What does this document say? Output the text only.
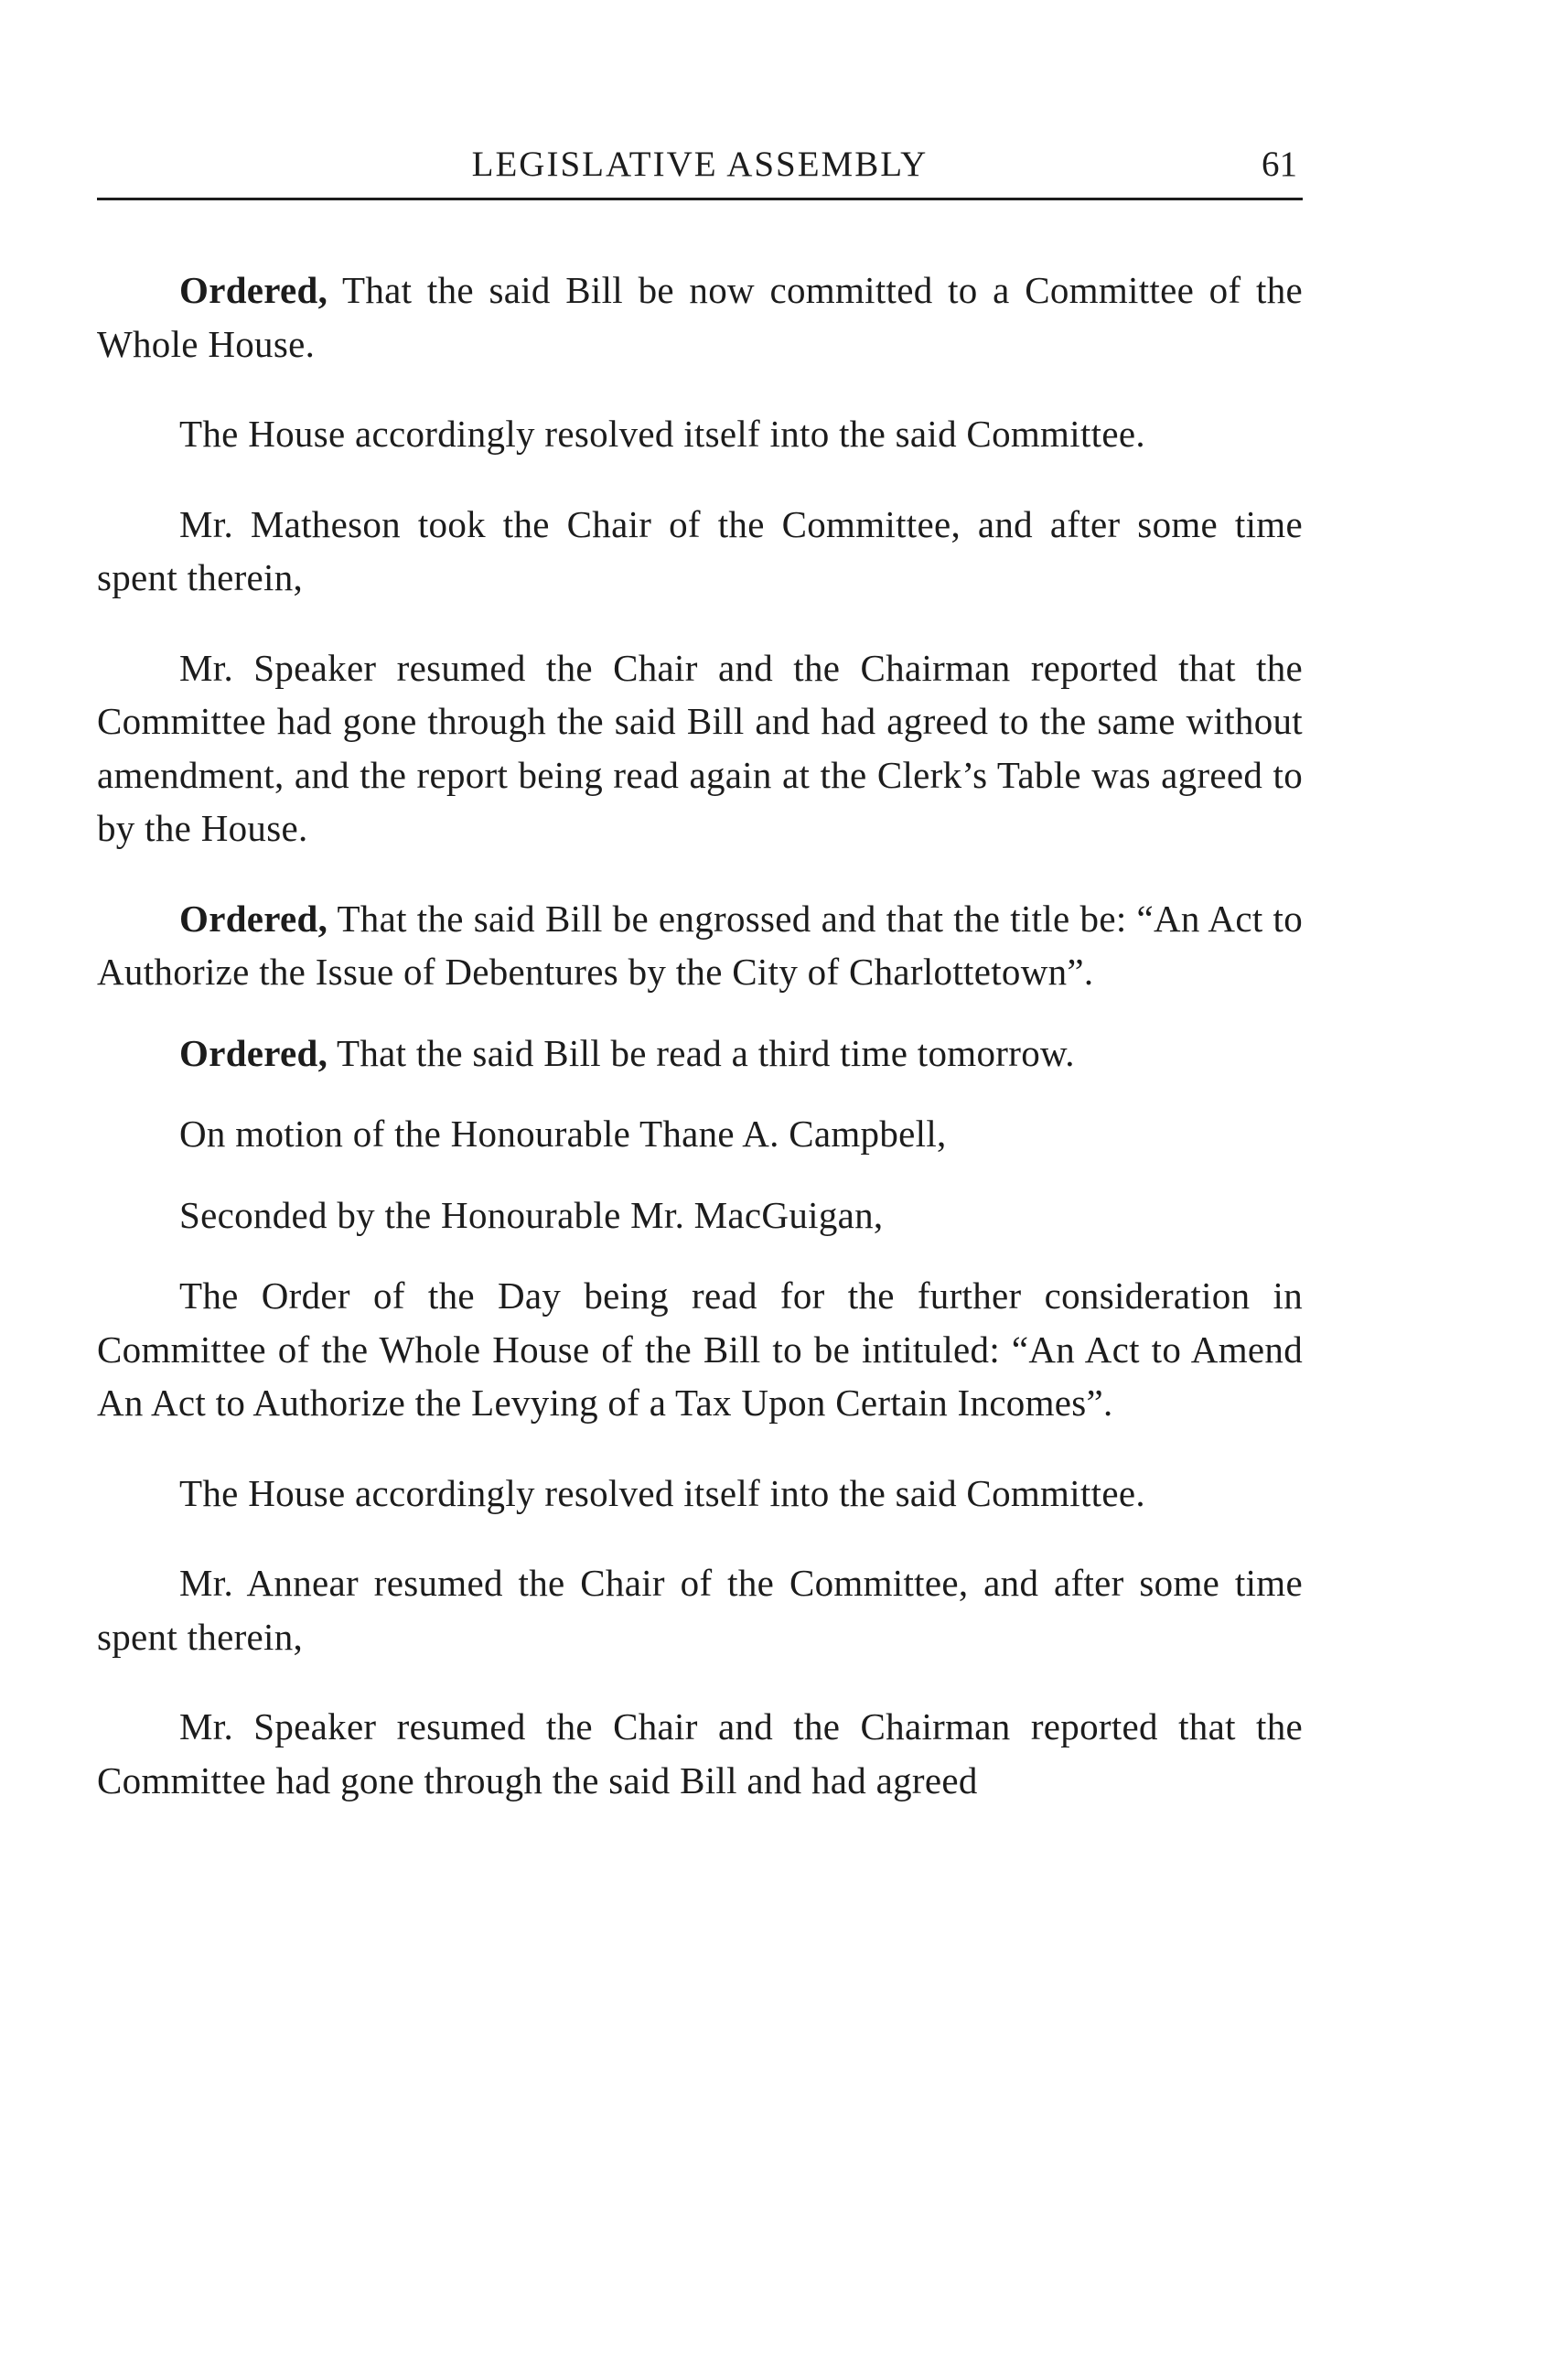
LEGISLATIVE ASSEMBLY	61

Ordered, That the said Bill be now committed to a Committee of the Whole House.

The House accordingly resolved itself into the said Committee.

Mr. Matheson took the Chair of the Committee, and after some time spent therein,

Mr. Speaker resumed the Chair and the Chairman reported that the Committee had gone through the said Bill and had agreed to the same without amendment, and the report being read again at the Clerk’s Table was agreed to by the House.

Ordered, That the said Bill be engrossed and that the title be: “An Act to Authorize the Issue of Debentures by the City of Charlottetown”.

Ordered, That the said Bill be read a third time tomorrow.

On motion of the Honourable Thane A. Campbell,

Seconded by the Honourable Mr. MacGuigan,

The Order of the Day being read for the further consideration in Committee of the Whole House of the Bill to be intituled: “An Act to Amend An Act to Authorize the Levying of a Tax Upon Certain Incomes”.

The House accordingly resolved itself into the said Committee.

Mr. Annear resumed the Chair of the Committee, and after some time spent therein,

Mr. Speaker resumed the Chair and the Chairman reported that the Committee had gone through the said Bill and had agreed
